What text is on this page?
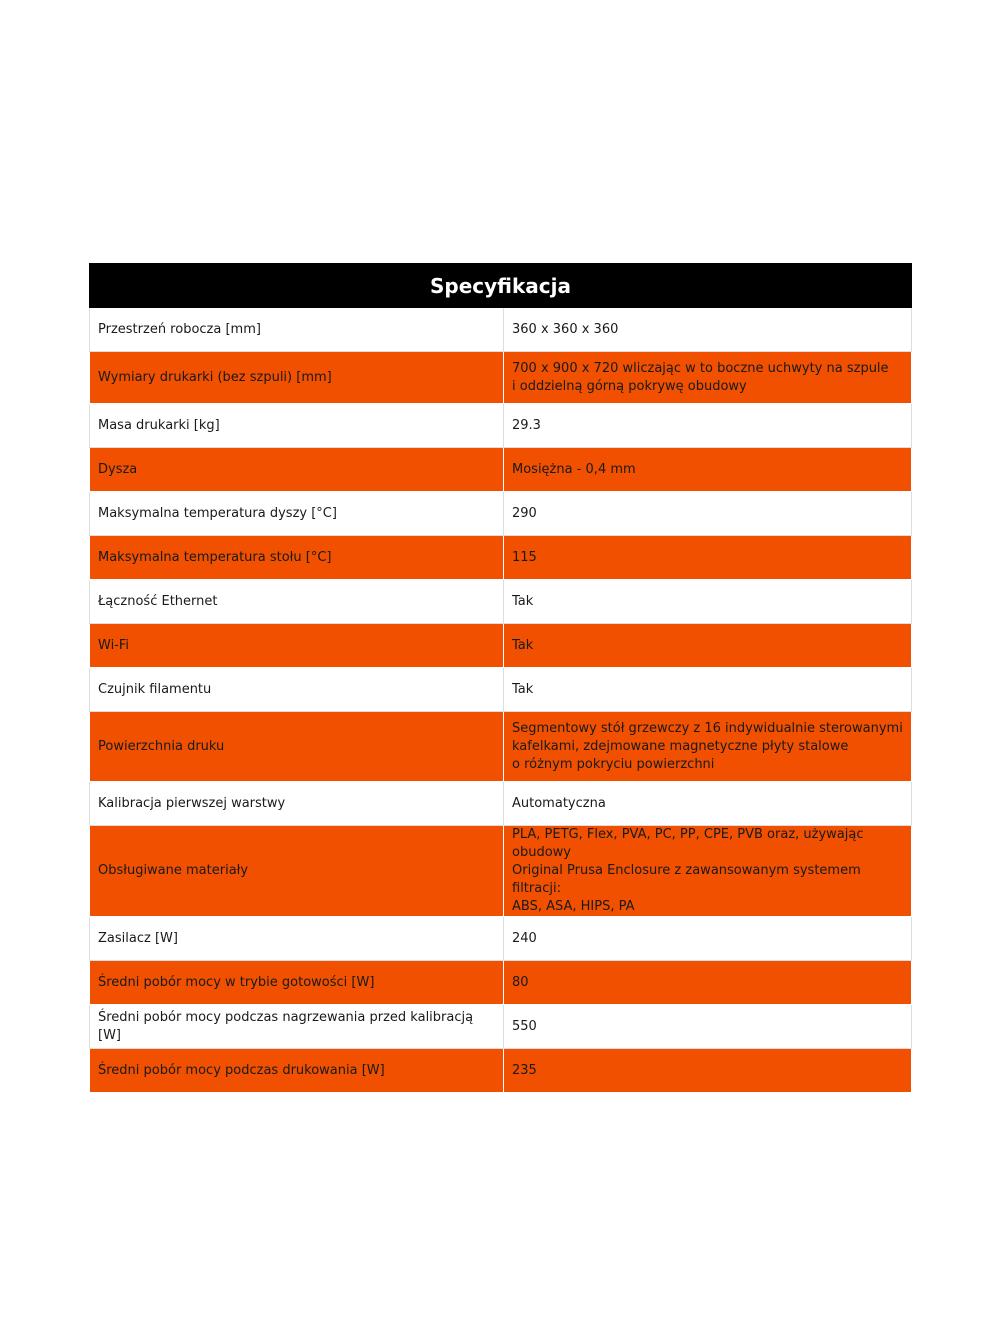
Specyfikacja	
Przestrzeń robocza [mm]	360 x 360 x 360
Wymiary drukarki (bez szpuli) [mm]	700 x 900 x 720 wliczając w to boczne uchwyty na szpule
i oddzielną górną pokrywę obudowy
Masa drukarki [kg]	29.3
Dysza	Mosiężna - 0,4 mm
Maksymalna temperatura dyszy [°C]	290
Maksymalna temperatura stołu [°C]	115
Łączność Ethernet	Tak
Wi-Fi	Tak
Czujnik filamentu	Tak
Powierzchnia druku	Segmentowy stół grzewczy z 16 indywidualnie sterowanymi
kafelkami, zdejmowane magnetyczne płyty stalowe
o różnym pokryciu powierzchni
Kalibracja pierwszej warstwy	Automatyczna
Obsługiwane materiały	PLA, PETG, Flex, PVA, PC, PP, CPE, PVB oraz, używając obudowy
Original Prusa Enclosure z zawansowanym systemem filtracji:
ABS, ASA, HIPS, PA
Zasilacz [W]	240
Średni pobór mocy w trybie gotowości [W]	80
Średni pobór mocy podczas nagrzewania przed kalibracją [W]	550
Średni pobór mocy podczas drukowania [W]	235
